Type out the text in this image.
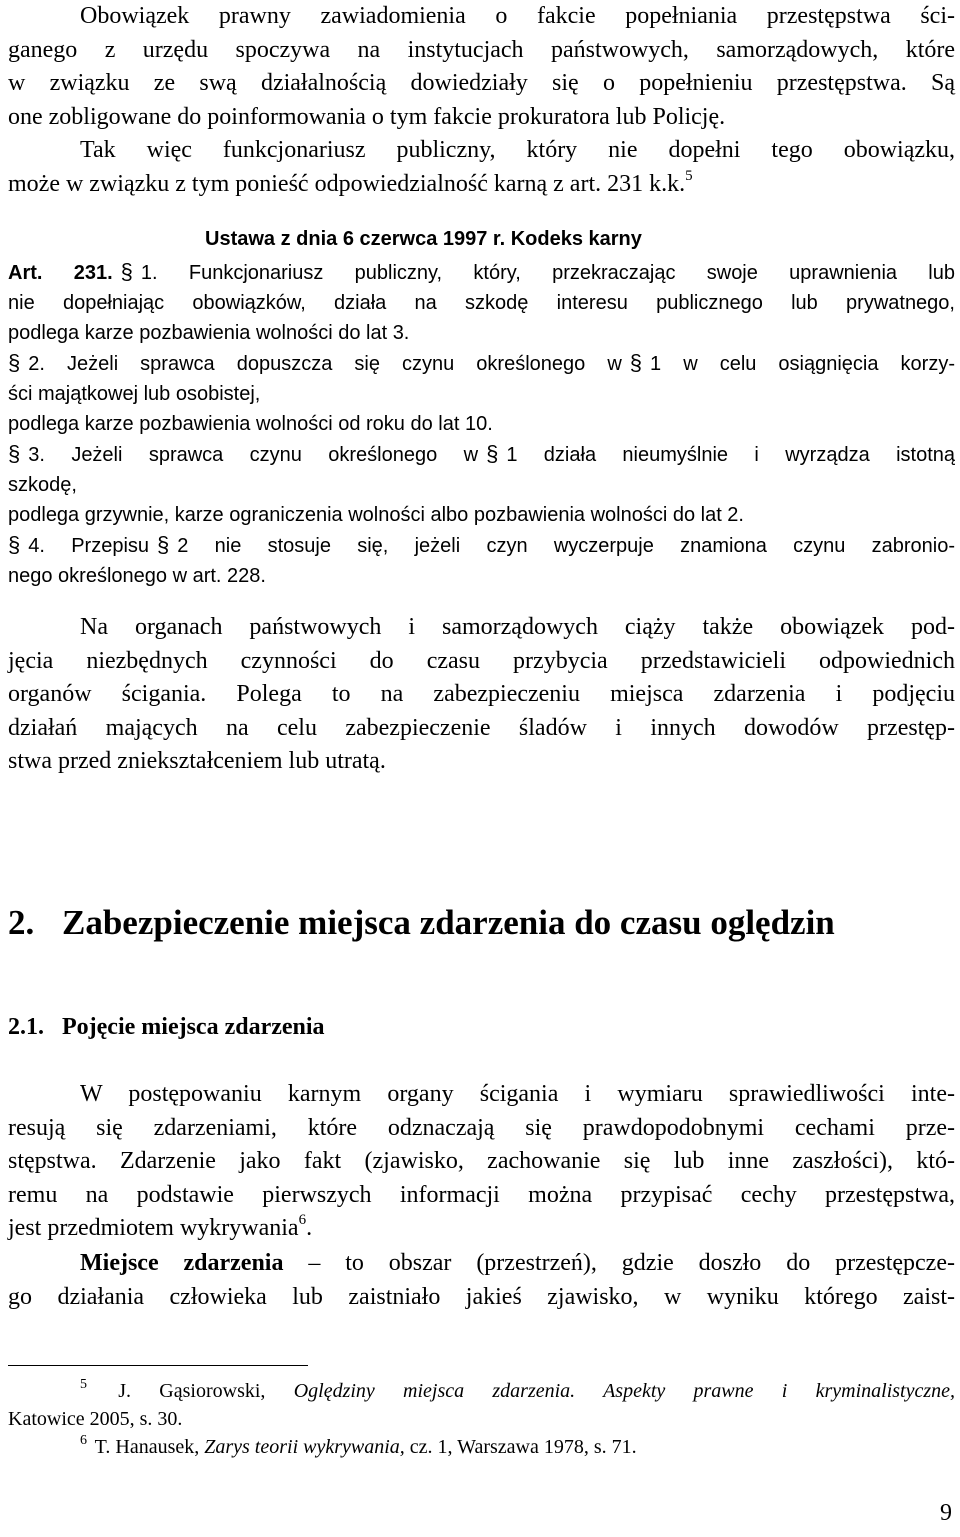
Obowiązek prawny zawiadomienia o fakcie popełniania przestępstwa ści-
ganego z urzędu spoczywa na instytucjach państwowych, samorządowych, które
w związku ze swą działalnością dowiedziały się o popełnieniu przestępstwa. Są
one zobligowane do poinformowania o tym fakcie prokuratora lub Policję.
Tak więc funkcjonariusz publiczny, który nie dopełni tego obowiązku,
może w związku z tym ponieść odpowiedzialność karną z art. 231 k.k.$^5$
Ustawa z dnia 6 czerwca 1997 r. Kodeks karny
Art. 231. § 1. Funkcjonariusz publiczny, który, przekraczając swoje uprawnienia lub
nie dopełniając obowiązków, działa na szkodę interesu publicznego lub prywatnego,
podlega karze pozbawienia wolności do lat 3.
§ 2. Jeżeli sprawca dopuszcza się czynu określonego w § 1 w celu osiągnięcia korzy-
ści majątkowej lub osobistej,
podlega karze pozbawienia wolności od roku do lat 10.
§ 3. Jeżeli sprawca czynu określonego w § 1 działa nieumyślnie i wyrządza istotną
szkodę,
podlega grzywnie, karze ograniczenia wolności albo pozbawienia wolności do lat 2.
§ 4. Przepisu § 2 nie stosuje się, jeżeli czyn wyczerpuje znamiona czynu zabronio-
nego określonego w art. 228.
Na organach państwowych i samorządowych ciąży także obowiązek pod-
jęcia niezbędnych czynności do czasu przybycia przedstawicieli odpowiednich
organów ścigania. Polega to na zabezpieczeniu miejsca zdarzenia i podjęciu
działań mających na celu zabezpieczenie śladów i innych dowodów przestęp-
stwa przed zniekształceniem lub utratą.
2. Zabezpieczenie miejsca zdarzenia do czasu oględzin
2.1. Pojęcie miejsca zdarzenia
W postępowaniu karnym organy ścigania i wymiaru sprawiedliwości inte-
resują się zdarzeniami, które odznaczają się prawdopodobnymi cechami prze-
stępstwa. Zdarzenie jako fakt (zjawisko, zachowanie się lub inne zaszłości), któ-
remu na podstawie pierwszych informacji można przypisać cechy przestępstwa,
jest przedmiotem wykrywania$^6$.
Miejsce zdarzenia – to obszar (przestrzeń), gdzie doszło do przestępcze-
go działania człowieka lub zaistniało jakieś zjawisko, w wyniku którego zaist-
$^5$ J. Gąsiorowski, Oględziny miejsca zdarzenia. Aspekty prawne i kryminalistyczne,
Katowice 2005, s. 30.
$^6$ T. Hanausek, Zarys teorii wykrywania, cz. 1, Warszawa 1978, s. 71.
9
